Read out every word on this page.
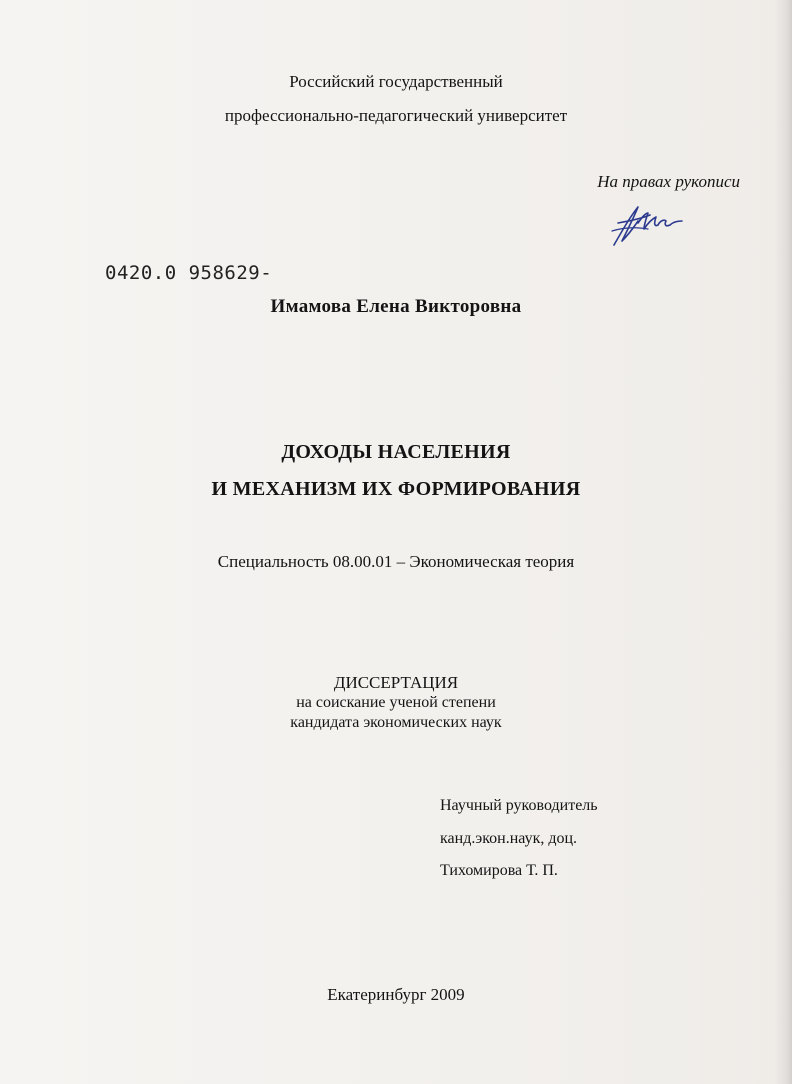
Российский государственный
профессионально-педагогический университет
На правах рукописи
0420.0 958629-
Имамова Елена Викторовна
ДОХОДЫ НАСЕЛЕНИЯ
И МЕХАНИЗМ ИХ ФОРМИРОВАНИЯ
Специальность 08.00.01 – Экономическая теория
ДИССЕРТАЦИЯ
на соискание ученой степени
кандидата экономических наук
Научный руководитель
канд.экон.наук, доц.
Тихомирова Т. П.
Екатеринбург 2009
